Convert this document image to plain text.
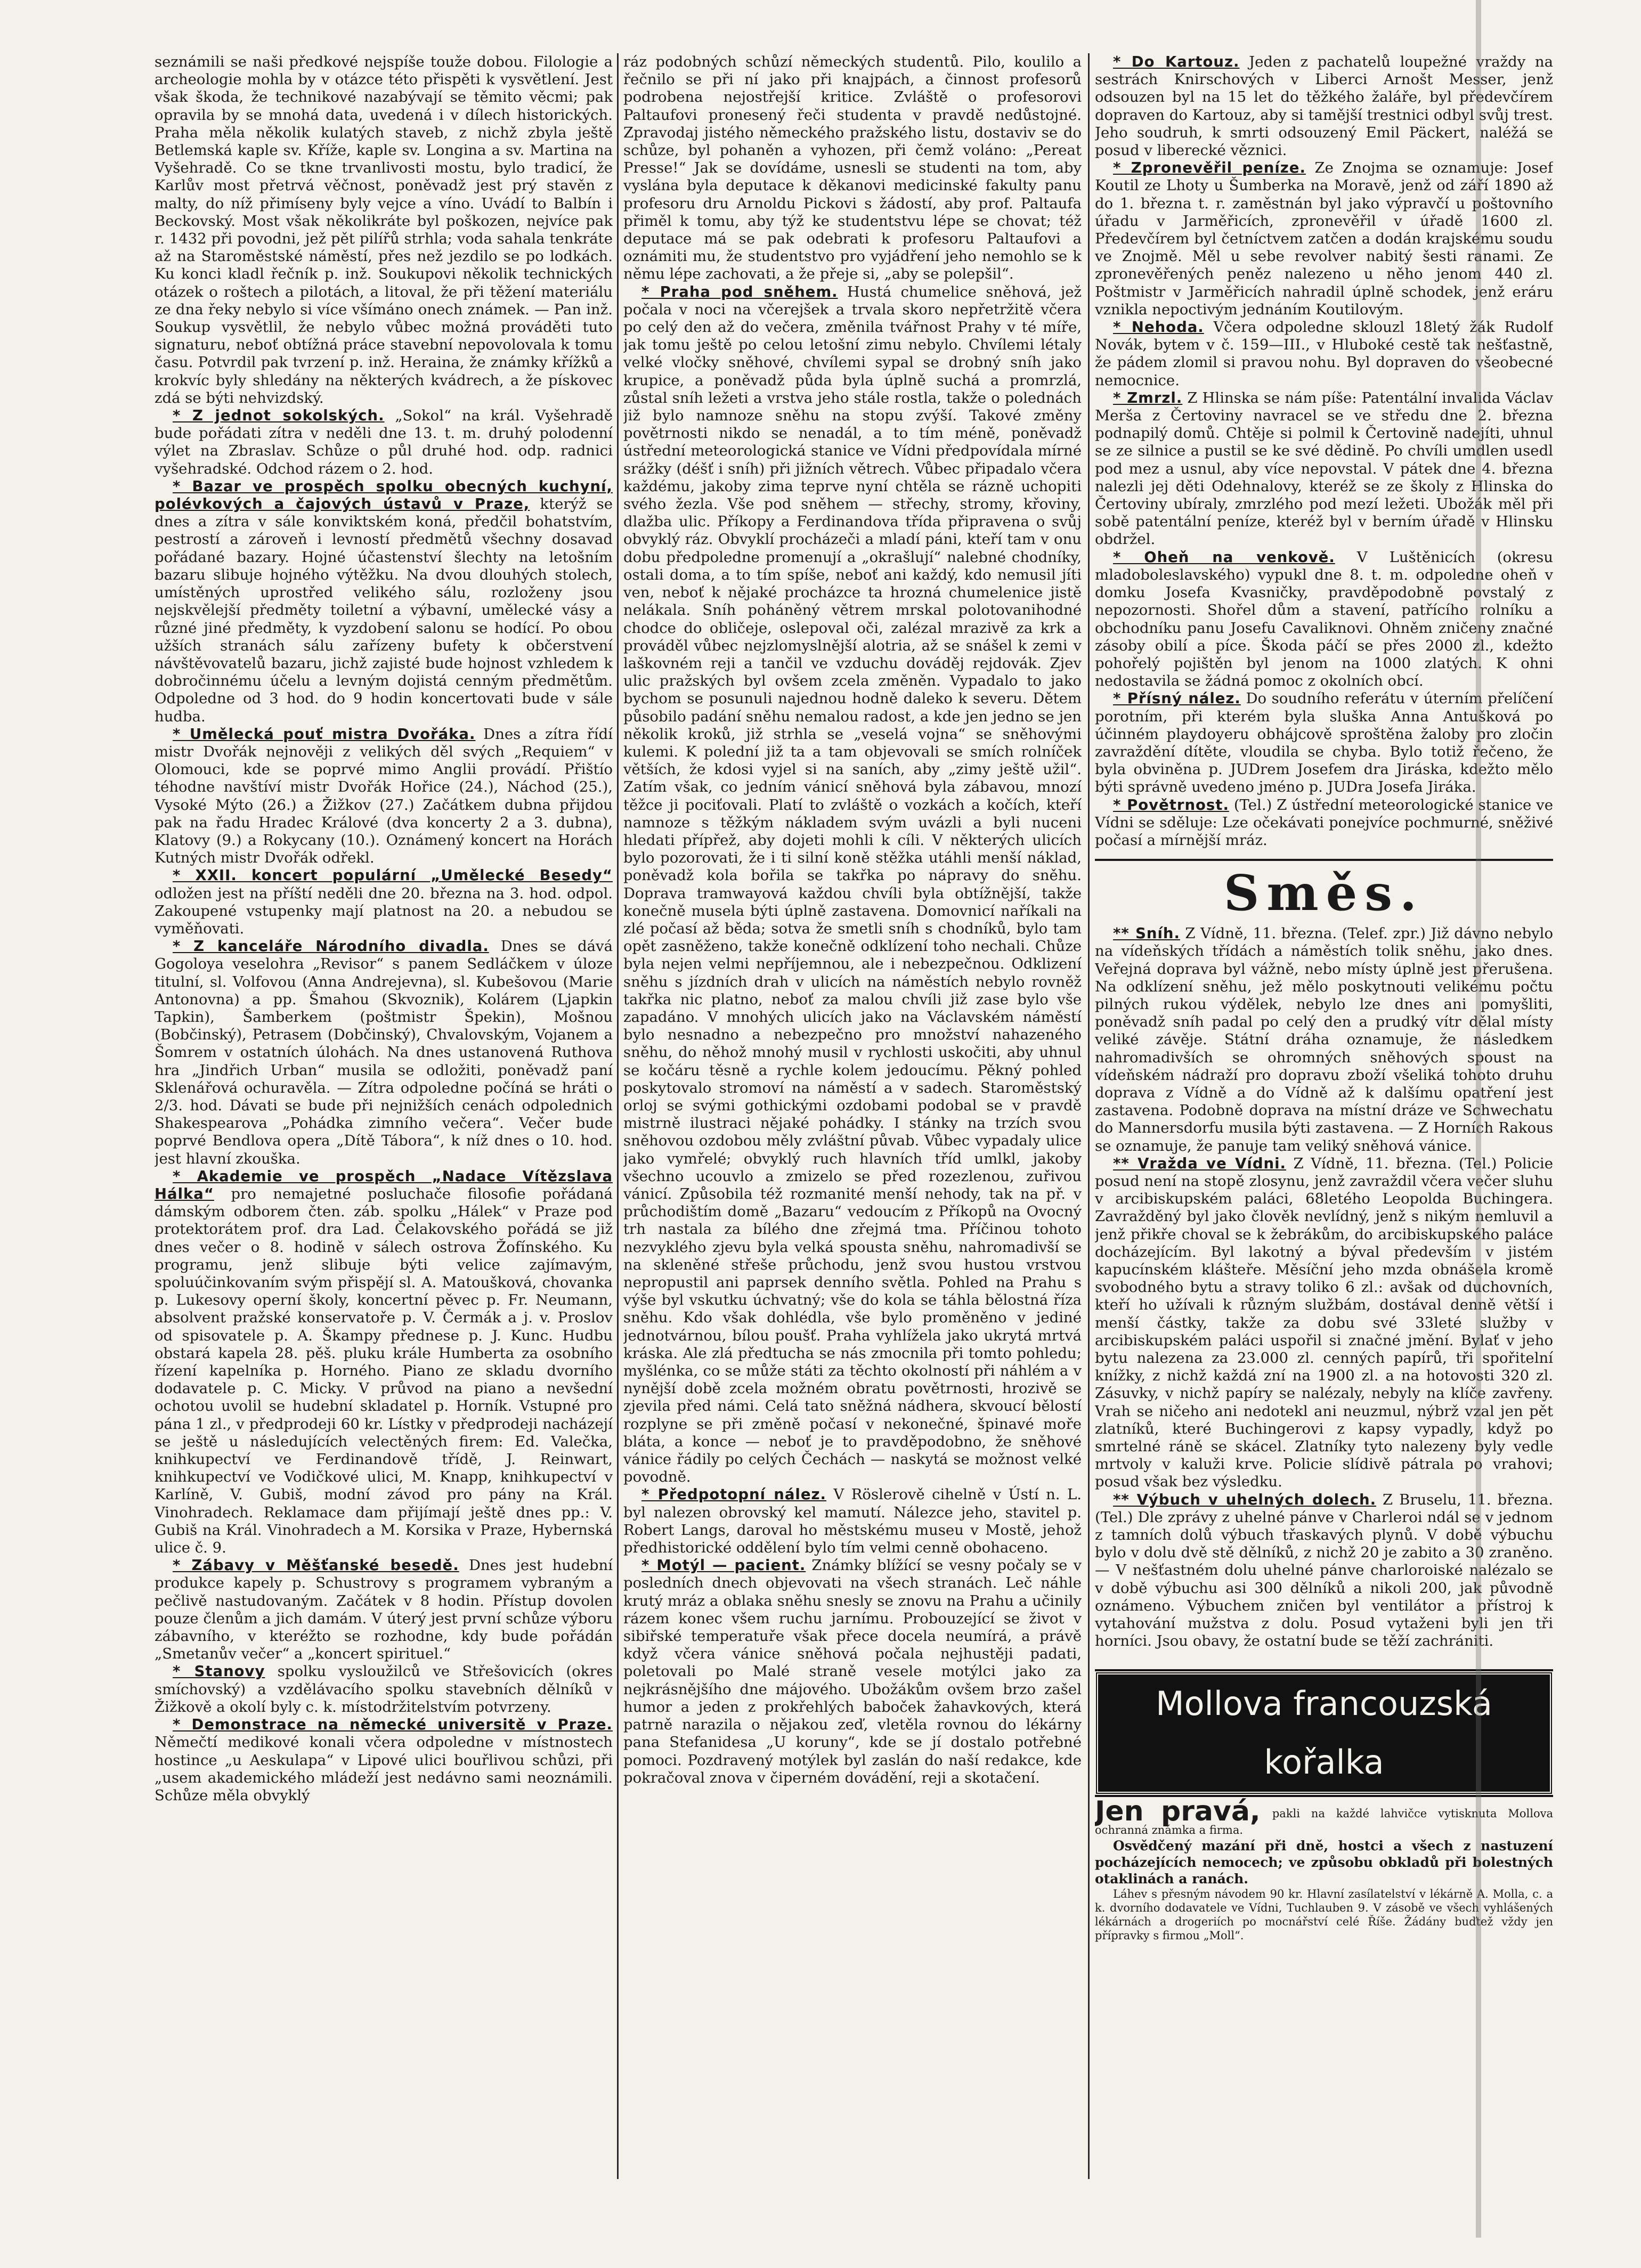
seznámili se naši předkové nejspíše touže dobou. Filologie a archeologie mohla by v otázce této přispěti k vysvětlení. Jest však škoda, že technikové nazabývají se těmito věcmi; pak opravila by se mnohá data, uvedená i v dílech historických. Praha měla několik kulatých staveb, z nichž zbyla ještě Betlemská kaple sv. Kříže, kaple sv. Longina a sv. Martina na Vyšehradě. Co se tkne trvanlivosti mostu, bylo tradicí, že Karlův most přetrvá věčnost, poněvadž jest prý stavěn z malty, do níž přimíseny byly vejce a víno. Uvádí to Balbín i Beckovský. Most však několikráte byl poškozen, nejvíce pak r. 1432 při povodni, jež pět pilířů strhla; voda sahala tenkráte až na Staroměstské náměstí, přes než jezdilo se po lodkách. Ku konci kladl řečník p. inž. Soukupovi několik technických otázek o roštech a pilotách, a litoval, že při těžení materiálu ze dna řeky nebylo si více všímáno onech známek. — Pan inž. Soukup vysvětlil, že nebylo vůbec možná prováděti tuto signaturu, neboť obtížná práce stavební nepovolovala k tomu času. Potvrdil pak tvrzení p. inž. Heraina, že známky křížků a krokvíc byly shledány na některých kvádrech, a že pískovec zdá se býti nehvizdský.

* Z jednot sokolských. „Sokol“ na král. Vyšehradě bude pořádati zítra v neděli dne 13. t. m. druhý polodenní výlet na Zbraslav. Schůze o půl druhé hod. odp. radnici vyšehradské. Odchod rázem o 2. hod.

* Bazar ve prospěch spolku obecných kuchyní, polévkových a čajových ústavů v Praze, kterýž se dnes a zítra v sále konviktském koná, předčil bohatstvím, pestrostí a zároveň i levností předmětů všechny dosavad pořádané bazary. Hojné účastenství šlechty na letošním bazaru slibuje hojného výtěžku. Na dvou dlouhých stolech, umístěných uprostřed velikého sálu, rozloženy jsou nejskvělejší předměty toiletní a výbavní, umělecké vásy a různé jiné předměty, k vyzdobení salonu se hodící. Po obou užších stranách sálu zařízeny bufety k občerstvení návštěvovatelů bazaru, jichž zajisté bude hojnost vzhledem k dobročinnému účelu a levným dojistá cenným předmětům. Odpoledne od 3 hod. do 9 hodin koncertovati bude v sále hudba.

* Umělecká pouť mistra Dvořáka. Dnes a zítra řídí mistr Dvořák nejnověji z velikých děl svých „Requiem“ v Olomouci, kde se poprvé mimo Anglii provádí. Přištío téhodne navštíví mistr Dvořák Hořice (24.), Náchod (25.), Vysoké Mýto (26.) a Žižkov (27.) Začátkem dubna přijdou pak na řadu Hradec Králové (dva koncerty 2 a 3. dubna), Klatovy (9.) a Rokycany (10.). Oznámený koncert na Horách Kutných mistr Dvořák odřekl.

* XXII. koncert populární „Umělecké Besedy“ odložen jest na příští neděli dne 20. března na 3. hod. odpol. Zakoupené vstupenky mají platnost na 20. a nebudou se vyměňovati.

* Z kanceláře Národního divadla. Dnes se dává Gogoloya veselohra „Revisor“ s panem Sedláčkem v úloze titulní, sl. Volfovou (Anna Andrejevna), sl. Kubešovou (Marie Antonovna) a pp. Šmahou (Skvoznik), Kolárem (Ljapkin Tapkin), Šamberkem (poštmistr Špekin), Mošnou (Bobčinský), Petrasem (Dobčinský), Chvalovským, Vojanem a Šomrem v ostatních úlohách. Na dnes ustanovená Ruthova hra „Jindřich Urban“ musila se odložiti, poněvadž paní Sklenářová ochuravěla. — Zítra odpoledne počíná se hráti o 2/3. hod. Dávati se bude při nejnižších cenách odpolednich Shakespearova „Pohádka zimního večera“. Večer bude poprvé Bendlova opera „Dítě Tábora“, k níž dnes o 10. hod. jest hlavní zkouška.

* Akademie ve prospěch „Nadace Vítězslava Hálka“ pro nemajetné posluchače filosofie pořádaná dámským odborem čten. záb. spolku „Hálek“ v Praze pod protektorátem prof. dra Lad. Čelakovského pořádá se již dnes večer o 8. hodině v sálech ostrova Žofínského. Ku programu, jenž slibuje býti velice zajímavým, spoluúčinkovaním svým přispějí sl. A. Matoušková, chovanka p. Lukesovy operní školy, koncertní pěvec p. Fr. Neumann, absolvent pražské konservatoře p. V. Čermák a j. v. Proslov od spisovatele p. A. Škampy přednese p. J. Kunc. Hudbu obstará kapela 28. pěš. pluku krále Humberta za osobního řízení kapelníka p. Horného. Piano ze skladu dvorního dodavatele p. C. Micky. V průvod na piano a nevšední ochotou uvolil se hudební skladatel p. Horník. Vstupné pro pána 1 zl., v předprodeji 60 kr. Lístky v předprodeji nacházejí se ještě u následujících velectěných firem: Ed. Valečka, knihkupectví ve Ferdinandově třídě, J. Reinwart, knihkupectví ve Vodičkové ulici, M. Knapp, knihkupectví v Karlíně, V. Gubiš, modní závod pro pány na Král. Vinohradech. Reklamace dam přijímají ještě dnes pp.: V. Gubiš na Král. Vinohradech a M. Korsika v Praze, Hybernská ulice č. 9.

* Zábavy v Měšťanské besedě. Dnes jest hudební produkce kapely p. Schustrovy s programem vybraným a pečlivě nastudovaným. Začátek v 8 hodin. Přístup dovolen pouze členům a jich damám. V úterý jest první schůze výboru zábavního, v kteréžto se rozhodne, kdy bude pořádán „Smetanův večer“ a „koncert spirituel.“

* Stanovy spolku vysloužilců ve Střešovicích (okres smíchovský) a vzdělávacího spolku stavebních dělníků v Žižkově a okolí byly c. k. místodržitelstvím potvrzeny.

* Demonstrace na německé universitě v Praze. Němečtí medikové konali včera odpoledne v místnostech hostince „u Aeskulapa“ v Lipové ulici bouřlivou schůzi, při „usem akademického mládeží jest nedávno sami neoznámili. Schůze měla obvyklý

ráz podobných schůzí německých studentů. Pilo, koulilo a řečnilo se při ní jako při knajpách, a činnost profesorů podrobena nejostřejší kritice. Zvláště o profesorovi Paltaufovi pronesený řeči studenta v pravdě nedůstojné. Zpravodaj jistého německého pražského listu, dostaviv se do schůze, byl pohaněn a vyhozen, při čemž voláno: „Pereat Presse!“ Jak se dovídáme, usnesli se studenti na tom, aby vyslána byla deputace k děkanovi medicinské fakulty panu profesoru dru Arnoldu Pickovi s žádostí, aby prof. Paltaufa přiměl k tomu, aby týž ke studentstvu lépe se chovat; též deputace má se pak odebrati k profesoru Paltaufovi a oznámiti mu, že studentstvo pro vyjádření jeho nemohlo se k němu lépe zachovati, a že přeje si, „aby se polepšil“.

* Praha pod sněhem. Hustá chumelice sněhová, jež počala v noci na včerejšek a trvala skoro nepřetržitě včera po celý den až do večera, změnila tvářnost Prahy v té míře, jak tomu ještě po celou letošní zimu nebylo. Chvílemi létaly velké vločky sněhové, chvílemi sypal se drobný sníh jako krupice, a poněvadž půda byla úplně suchá a promrzlá, zůstal sníh ležeti a vrstva jeho stále rostla, takže o polednách již bylo namnoze sněhu na stopu zvýší. Takové změny povětrnosti nikdo se nenadál, a to tím méně, poněvadž ústřední meteorologická stanice ve Vídni předpovídala mírné srážky (déšť i sníh) při jižních větrech. Vůbec připadalo včera každému, jakoby zima teprve nyní chtěla se rázně uchopiti svého žezla. Vše pod sněhem — střechy, stromy, křoviny, dlažba ulic. Příkopy a Ferdinandova třída připravena o svůj obvyklý ráz. Obvyklí procházeči a mladí páni, kteří tam v onu dobu předpoledne promenují a „okrašlují“ nalebné chodníky, ostali doma, a to tím spíše, neboť ani každý, kdo nemusil jíti ven, neboť k nějaké procházce ta hrozná chumelenice jistě nelákala. Sníh poháněný větrem mrskal polotovanihodné chodce do obličeje, oslepoval oči, zalézal mrazivě za krk a prováděl vůbec nejzlomyslnější alotria, až se snášel k zemi v laškovném reji a tančil ve vzduchu dováděj rejdovák. Zjev ulic pražských byl ovšem zcela změněn. Vypadalo to jako bychom se posunuli najednou hodně daleko k severu. Dětem působilo padání sněhu nemalou radost, a kde jen jedno se jen několik kroků, již strhla se „veselá vojna“ se sněhovými kulemi. K polední již ta a tam objevovali se smích rolníček větších, že kdosi vyjel si na saních, aby „zimy ještě užil“. Zatím však, co jedním vánicí sněhová byla zábavou, mnozí těžce ji pociťovali. Platí to zvláště o vozkách a kočích, kteří namnoze s těžkým nákladem svým uvázli a byli nuceni hledati přípřež, aby dojeti mohli k cíli. V některých ulicích bylo pozorovati, že i ti silní koně stěžka utáhli menší náklad, poněvadž kola bořila se takřka po nápravy do sněhu. Doprava tramwayová každou chvíli byla obtížnější, takže konečně musela býti úplně zastavena. Domovnicí naříkali na zlé počasí až běda; sotva že smetli sníh s chodníků, bylo tam opět zasněženo, takže konečně odklízení toho nechali. Chůze byla nejen velmi nepříjemnou, ale i nebezpečnou. Odklizení sněhu s jízdních drah v ulicích na náměstích nebylo rovněž takřka nic platno, neboť za malou chvíli již zase bylo vše zapadáno. V mnohých ulicích jako na Václavském náměstí bylo nesnadno a nebezpečno pro množství nahazeného sněhu, do něhož mnohý musil v rychlosti uskočiti, aby uhnul se kočáru těsně a rychle kolem jedoucímu. Pěkný pohled poskytovalo stromoví na náměstí a v sadech. Staroměstský orloj se svými gothickými ozdobami podobal se v pravdě mistrně ilustraci nějaké pohádky. I stánky na trzích svou sněhovou ozdobou měly zvláštní půvab. Vůbec vypadaly ulice jako vymřelé; obvyklý ruch hlavních tříd umlkl, jakoby všechno ucouvlo a zmizelo se před rozezlenou, zuřivou vánicí. Způsobila též rozmanité menší nehody, tak na př. v průchodištím domě „Bazaru“ vedoucím z Příkopů na Ovocný trh nastala za bílého dne zřejmá tma. Příčinou tohoto nezvyklého zjevu byla velká spousta sněhu, nahromadivší se na skleněné střeše průchodu, jenž svou hustou vrstvou nepropustil ani paprsek denního světla. Pohled na Prahu s výše byl vskutku úchvatný; vše do kola se táhla bělostná říza sněhu. Kdo však dohlédla, vše bylo proměněno v jediné jednotvárnou, bílou poušť. Praha vyhlížela jako ukrytá mrtvá kráska. Ale zlá předtucha se nás zmocnila při tomto pohledu; myšlénka, co se může státi za těchto okolností při náhlém a v nynější době zcela možném obratu povětrnosti, hrozivě se zjevila před námi. Celá tato sněžná nádhera, skvoucí bělostí rozplyne se při změně počasí v nekonečné, špinavé moře bláta, a konce — neboť je to pravděpodobno, že sněhové vánice řádily po celých Čechách — naskytá se možnost velké povodně.

* Předpotopní nález. V Röslerově cihelně v Ústí n. L. byl nalezen obrovský kel mamutí. Nálezce jeho, stavitel p. Robert Langs, daroval ho městskému museu v Mostě, jehož předhistorické oddělení bylo tím velmi cenně obohaceno.

* Motýl — pacient. Známky blížící se vesny počaly se v posledních dnech objevovati na všech stranách. Leč náhle krutý mráz a oblaka sněhu snesly se znovu na Prahu a učinily rázem konec všem ruchu jarnímu. Probouzející se život v sibiřské temperatuře však přece docela neumírá, a právě když včera vánice sněhová počala nejhustěji padati, poletovali po Malé straně vesele motýlci jako za nejkrásnějšího dne májového. Ubožákům ovšem brzo zašel humor a jeden z prokřehlých baboček žahavkových, která patrně narazila o nějakou zeď, vletěla rovnou do lékárny pana Stefanidesa „U koruny“, kde se jí dostalo potřebné pomoci. Pozdravený motýlek byl zaslán do naší redakce, kde pokračoval znova v čiperném dovádění, reji a skotačení.

* Do Kartouz. Jeden z pachatelů loupežné vraždy na sestrách Knirschových v Liberci Arnošt Messer, jenž odsouzen byl na 15 let do těžkého žaláře, byl předevčírem dopraven do Kartouz, aby si tamější trestnici odbyl svůj trest. Jeho soudruh, k smrti odsouzený Emil Päckert, naléžá se posud v liberecké věznici.

* Zpronevěřil peníze. Ze Znojma se oznamuje: Josef Koutil ze Lhoty u Šumberka na Moravě, jenž od září 1890 až do 1. března t. r. zaměstnán byl jako výpravčí u poštovního úřadu v Jarměřicích, zpronevěřil v úřadě 1600 zl. Předevčírem byl četníctvem zatčen a dodán krajskému soudu ve Znojmě. Měl u sebe revolver nabitý šesti ranami. Ze zpronevěřených peněz nalezeno u něho jenom 440 zl. Poštmistr v Jarměřicích nahradil úplně schodek, jenž eráru vznikla nepoctivým jednáním Koutilovým.

* Nehoda. Včera odpoledne sklouzl 18letý žák Rudolf Novák, bytem v č. 159—III., v Hluboké cestě tak nešťastně, že pádem zlomil si pravou nohu. Byl dopraven do všeobecné nemocnice.

* Zmrzl. Z Hlinska se nám píše: Patentální invalida Václav Merša z Čertoviny navracel se ve středu dne 2. března podnapilý domů. Chtěje si polmil k Čertovině nadejíti, uhnul se ze silnice a pustil se ke své dědině. Po chvíli umdlen usedl pod mez a usnul, aby více nepovstal. V pátek dne 4. března nalezli jej děti Odehnalovy, kteréž se ze školy z Hlinska do Čertoviny ubíraly, zmrzlého pod mezí ležeti. Ubožák měl při sobě patentální peníze, kteréž byl v berním úřadě v Hlinsku obdržel.

* Oheň na venkově. V Luštěnicích (okresu mladoboleslavského) vypukl dne 8. t. m. odpoledne oheň v domku Josefa Kvasničky, pravděpodobně povstalý z nepozornosti. Shořel dům a stavení, patřícího rolníku a obchodníku panu Josefu Cavaliknovi. Ohněm zničeny značné zásoby obilí a píce. Škoda páčí se přes 2000 zl., kdežto pohořelý pojištěn byl jenom na 1000 zlatých. K ohni nedostavila se žádná pomoc z okolních obcí.

* Přísný nález. Do soudního referátu v úterním přelíčení porotním, při kterém byla sluška Anna Antušková po účinném playdoyeru obhájcově sproštěna žaloby pro zločin zavraždění dítěte, vloudila se chyba. Bylo totiž řečeno, že byla obviněna p. JUDrem Josefem dra Jiráska, kdežto mělo býti správně uvedeno jméno p. JUDra Josefa Jiráka.

* Povětrnost. (Tel.) Z ústřední meteorologické stanice ve Vídni se sděluje: Lze očekávati ponejvíce pochmurné, sněživé počasí a mírnější mráz.

Směs.

** Sníh. Z Vídně, 11. března. (Telef. zpr.) Již dávno nebylo na vídeňských třídách a náměstích tolik sněhu, jako dnes. Veřejná doprava byl vážně, nebo místy úplně jest přerušena. Na odklízení sněhu, jež mělo poskytnouti velikému počtu pilných rukou výdělek, nebylo lze dnes ani pomyšliti, poněvadž sníh padal po celý den a prudký vítr dělal místy veliké závěje. Státní dráha oznamuje, že následkem nahromadivších se ohromných sněhových spoust na vídeňském nádraží pro dopravu zboží všeliká tohoto druhu doprava z Vídně a do Vídně až k dalšímu opatření jest zastavena. Podobně doprava na místní dráze ve Schwechatu do Mannersdorfu musila býti zastavena. — Z Horních Rakous se oznamuje, že panuje tam veliký sněhová vánice.

** Vražda ve Vídni. Z Vídně, 11. března. (Tel.) Policie posud není na stopě zlosynu, jenž zavraždil včera večer sluhu v arcibiskupském paláci, 68letého Leopolda Buchingera. Zavražděný byl jako člověk nevlídný, jenž s nikým nemluvil a jenž přikře choval se k žebrákům, do arcibiskupského paláce docházejícím. Byl lakotný a býval především v jistém kapucínském klášteře. Měsíční jeho mzda obnášela kromě svobodného bytu a stravy toliko 6 zl.: avšak od duchovních, kteří ho užívali k různým službám, dostával denně větší i menší částky, takže za dobu své 33leté služby v arcibiskupském paláci uspořil si značné jmění. Bylať v jeho bytu nalezena za 23.000 zl. cenných papírů, tři spořitelní knížky, z nichž každá zní na 1900 zl. a na hotovosti 320 zl. Zásuvky, v nichž papíry se nalézaly, nebyly na klíče zavřeny. Vrah se ničeho ani nedotekl ani neuzmul, nýbrž vzal jen pět zlatníků, které Buchingerovi z kapsy vypadly, když po smrtelné ráně se skácel. Zlatníky tyto nalezeny byly vedle mrtvoly v kaluži krve. Policie slídivě pátrala po vrahovi; posud však bez výsledku.

** Výbuch v uhelných dolech. Z Bruselu, 11. března. (Tel.) Dle zprávy z uhelné pánve v Charleroi ndál se v jednom z tamních dolů výbuch třaskavých plynů. V době výbuchu bylo v dolu dvě stě dělníků, z nichž 20 je zabito a 30 zraněno. — V nešťastném dolu uhelné pánve charloroiské nalézalo se v době výbuchu asi 300 dělníků a nikoli 200, jak původně oznámeno. Výbuchem zničen byl ventilátor a přístroj k vytahování mužstva z dolu. Posud vytaženi byli jen tři horníci. Jsou obavy, že ostatní bude se těží zachrániti.

Mollova francouzská kořalka

Jen pravá, pakli na každé lahvičce vytisknuta Mollova ochranná známka a firma.

Osvědčený mazání při dně, hostci a všech z nastuzení pocházejících nemocech; ve způsobu obkladů při bolestných otaklinách a ranách.

Láhev s přesným návodem 90 kr. Hlavní zasílatelství v lékárně A. Molla, c. a k. dvorního dodavatele ve Vídni, Tuchlauben 9. V zásobě ve všech vyhlášených lékárnách a drogeriích po mocnářství celé Říše. Žádány buďtež vždy jen přípravky s firmou „Moll“.
